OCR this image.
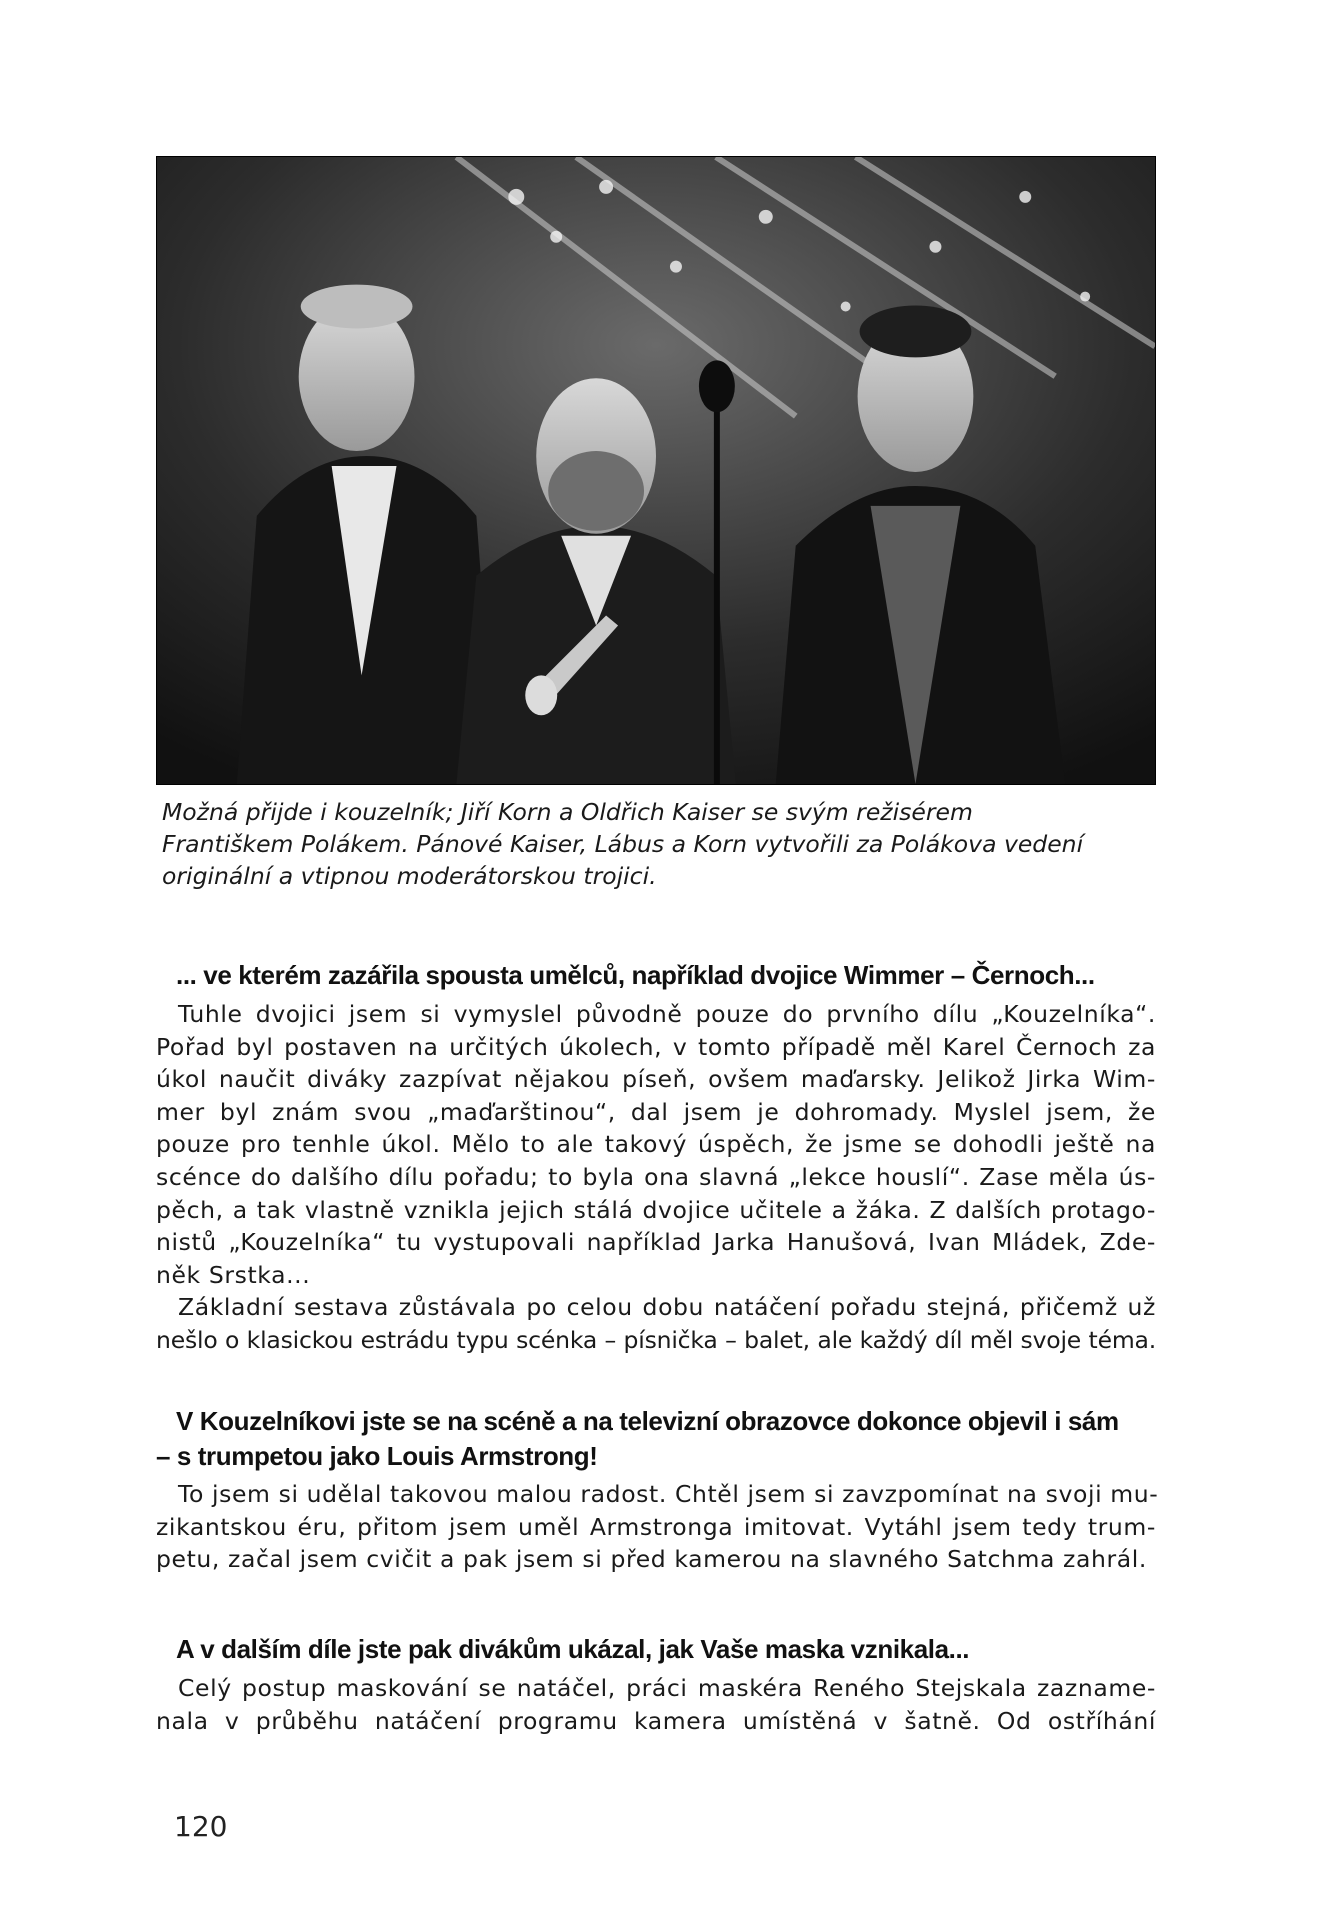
Možná přijde i kouzelník; Jiří Korn a Oldřich Kaiser se svým režisérem

Františkem Polákem. Pánové Kaiser, Lábus a Korn vytvořili za Polákova vedení

originální a vtipnou moderátorskou trojici.

... ve kterém zazářila spousta umělců, například dvojice Wimmer – Černoch...
Tuhle dvojici jsem si vymyslel původně pouze do prvního dílu „Kouzelníka“.
Pořad byl postaven na určitých úkolech, v tomto případě měl Karel Černoch za
úkol naučit diváky zazpívat nějakou píseň, ovšem maďarsky. Jelikož Jirka Wim-
mer byl znám svou „maďarštinou“, dal jsem je dohromady. Myslel jsem, že
pouze pro tenhle úkol. Mělo to ale takový úspěch, že jsme se dohodli ještě na
scénce do dalšího dílu pořadu; to byla ona slavná „lekce houslí“. Zase měla ús-
pěch, a tak vlastně vznikla jejich stálá dvojice učitele a žáka. Z dalších protago-
nistů „Kouzelníka“ tu vystupovali například Jarka Hanušová, Ivan Mládek, Zde-
něk Srstka...
Základní sestava zůstávala po celou dobu natáčení pořadu stejná, přičemž už
nešlo o klasickou estrádu typu scénka – písnička – balet, ale každý díl měl svoje téma.
V Kouzelníkovi jste se na scéně a na televizní obrazovce dokonce objevil i sám
– s trumpetou jako Louis Armstrong!
To jsem si udělal takovou malou radost. Chtěl jsem si zavzpomínat na svoji mu-
zikantskou éru, přitom jsem uměl Armstronga imitovat. Vytáhl jsem tedy trum-
petu, začal jsem cvičit a pak jsem si před kamerou na slavného Satchma zahrál.
A v dalším díle jste pak divákům ukázal, jak Vaše maska vznikala...
Celý postup maskování se natáčel, práci maskéra Reného Stejskala zazname-
nala v průběhu natáčení programu kamera umístěná v šatně. Od ostříhání
120
